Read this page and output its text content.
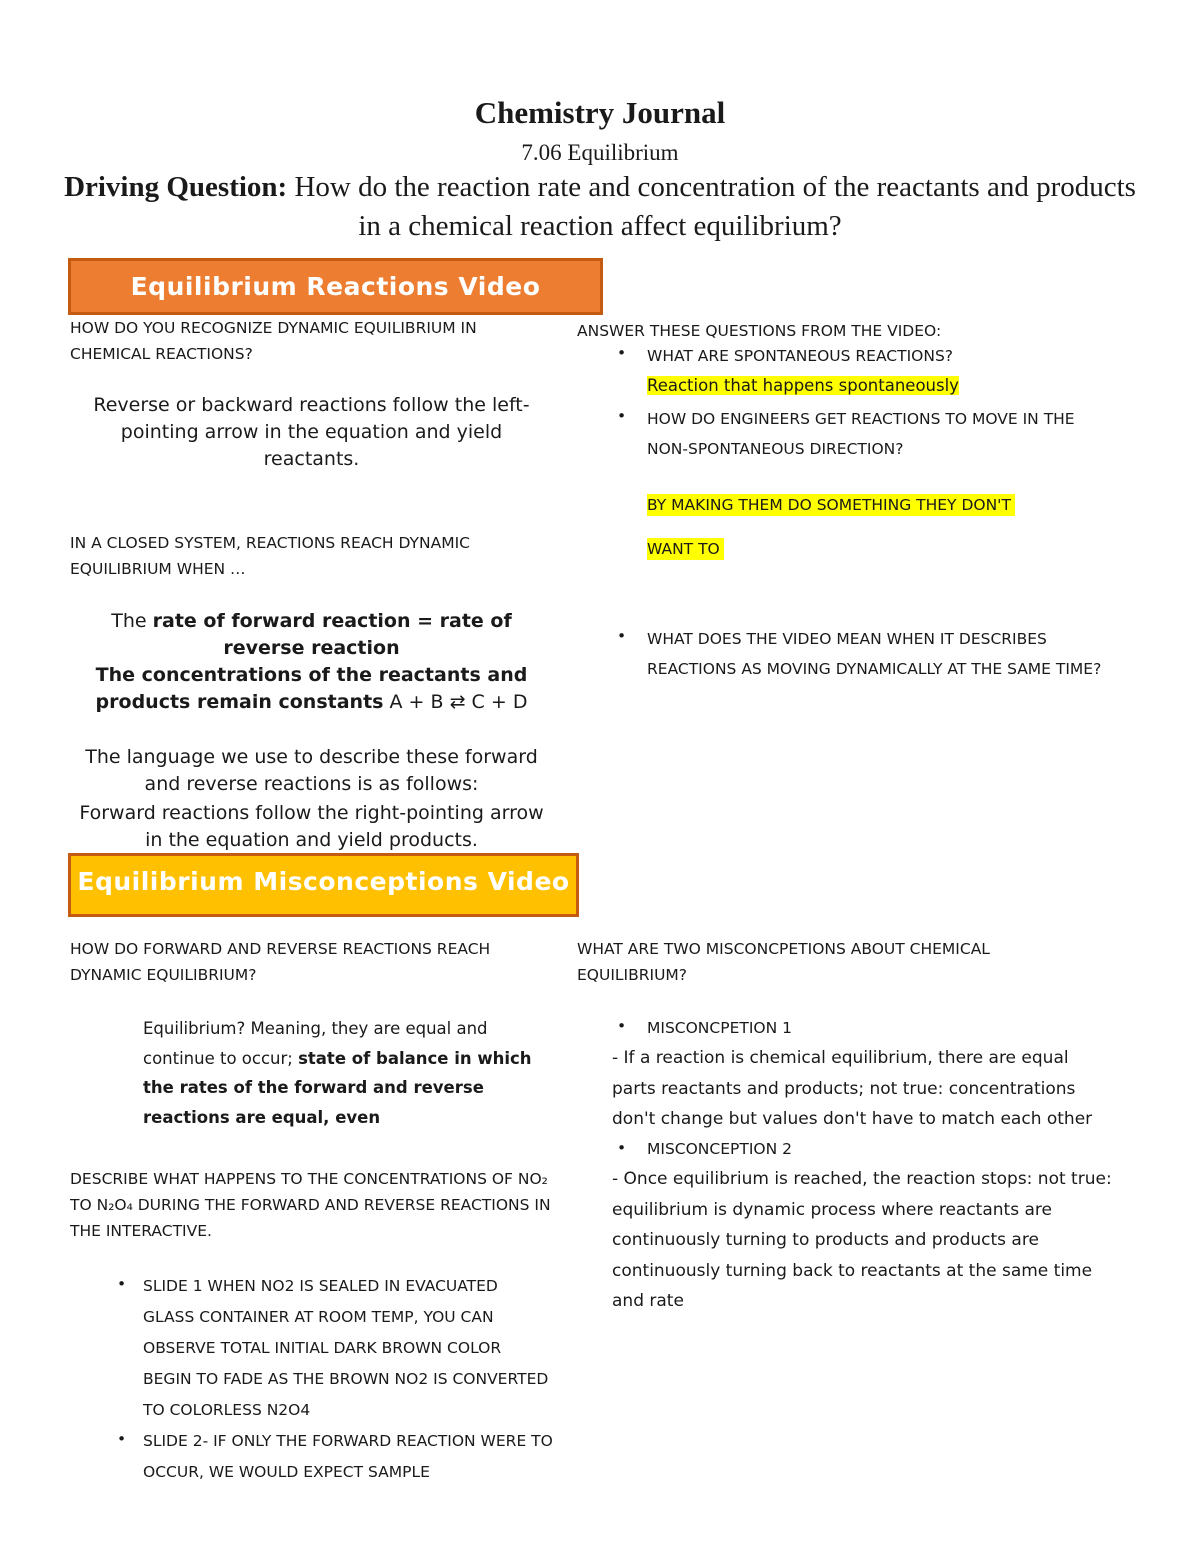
Chemistry Journal
7.06 Equilibrium
Driving Question: How do the reaction rate and concentration of the reactants and products in a chemical reaction affect equilibrium?
Equilibrium Reactions Video
HOW DO YOU RECOGNIZE DYNAMIC EQUILIBRIUM IN CHEMICAL REACTIONS?
Reverse or backward reactions follow the left-pointing arrow in the equation and yield reactants.
IN A CLOSED SYSTEM, REACTIONS REACH DYNAMIC EQUILIBRIUM WHEN …
The rate of forward reaction = rate of reverse reaction
The concentrations of the reactants and products remain constants A + B ⇄ C + D
The language we use to describe these forward and reverse reactions is as follows:
Forward reactions follow the right-pointing arrow in the equation and yield products.
ANSWER THESE QUESTIONS FROM THE VIDEO:
• WHAT ARE SPONTANEOUS REACTIONS?
Reaction that happens spontaneously
• HOW DO ENGINEERS GET REACTIONS TO MOVE IN THE NON-SPONTANEOUS DIRECTION?
BY MAKING THEM DO SOMETHING THEY DON'T
WANT TO
• WHAT DOES THE VIDEO MEAN WHEN IT DESCRIBES REACTIONS AS MOVING DYNAMICALLY AT THE SAME TIME?
Equilibrium Misconceptions Video
HOW DO FORWARD AND REVERSE REACTIONS REACH DYNAMIC EQUILIBRIUM?
Equilibrium? Meaning, they are equal and continue to occur; state of balance in which the rates of the forward and reverse reactions are equal, even
DESCRIBE WHAT HAPPENS TO THE CONCENTRATIONS OF NO₂ TO N₂O₄ DURING THE FORWARD AND REVERSE REACTIONS IN THE INTERACTIVE.
• SLIDE 1 WHEN NO2 IS SEALED IN EVACUATED GLASS CONTAINER AT ROOM TEMP, YOU CAN OBSERVE TOTAL INITIAL DARK BROWN COLOR BEGIN TO FADE AS THE BROWN NO2 IS CONVERTED TO COLORLESS N2O4
• SLIDE 2- IF ONLY THE FORWARD REACTION WERE TO OCCUR, WE WOULD EXPECT SAMPLE
WHAT ARE TWO MISCONCPETIONS ABOUT CHEMICAL EQUILIBRIUM?
• MISCONCPETION 1
- If a reaction is chemical equilibrium, there are equal parts reactants and products; not true: concentrations don't change but values don't have to match each other
• MISCONCEPTION 2
- Once equilibrium is reached, the reaction stops: not true: equilibrium is dynamic process where reactants are continuously turning to products and products are continuously turning back to reactants at the same time and rate
